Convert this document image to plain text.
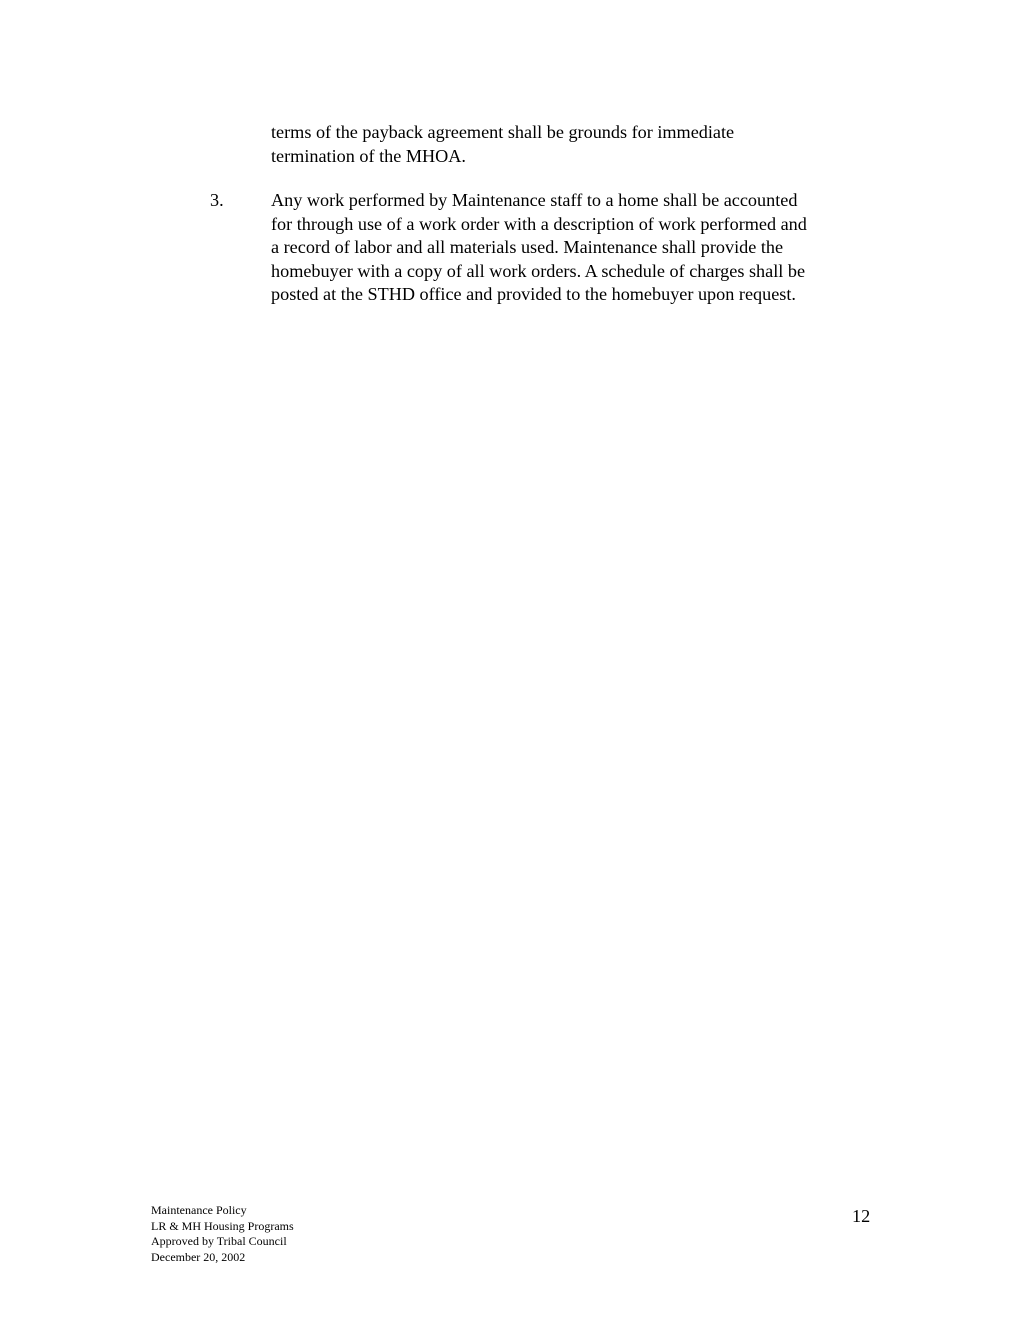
terms of the payback agreement shall be grounds for immediate
termination of the MHOA.
3.	Any work performed by Maintenance staff to a home shall be accounted
for through use of a work order with a description of work performed and
a record of labor and all materials used. Maintenance shall provide the
homebuyer with a copy of all work orders. A schedule of charges shall be
posted at the STHD office and provided to the homebuyer upon request.
Maintenance Policy
LR & MH Housing Programs
Approved by Tribal Council
December 20, 2002
12
